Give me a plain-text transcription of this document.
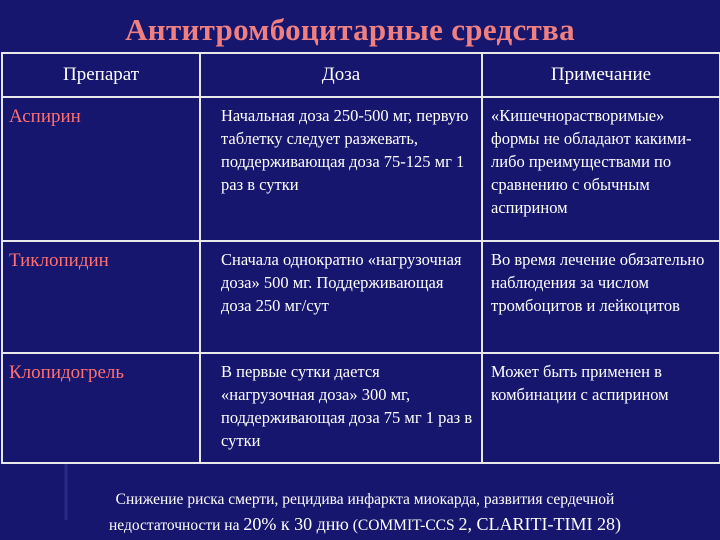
Антитромбоцитарные средства
Препарат	Доза	Примечание
Аспирин	Начальная доза 250-500 мг, первую таблетку следует разжевать, поддерживающая доза 75-125 мг 1 раз в сутки	«Кишечнорастворимые» формы не обладают какими-либо преимуществами по сравнению с обычным аспирином
Тиклопидин	Сначала однократно «нагрузочная доза» 500 мг. Поддерживающая доза 250 мг/сут	Во время лечение обязательно наблюдения за числом тромбоцитов и лейкоцитов
Клопидогрель	В первые сутки дается «нагрузочная доза» 300 мг, поддерживающая доза 75 мг 1 раз в сутки	Может быть применен в комбинации с аспирином
Снижение риска смерти, рецидива инфаркта миокарда, развития сердечной
недостаточности на 20% к 30 дню (COMMIT-CCS 2, CLARITI-TIMI 28)
